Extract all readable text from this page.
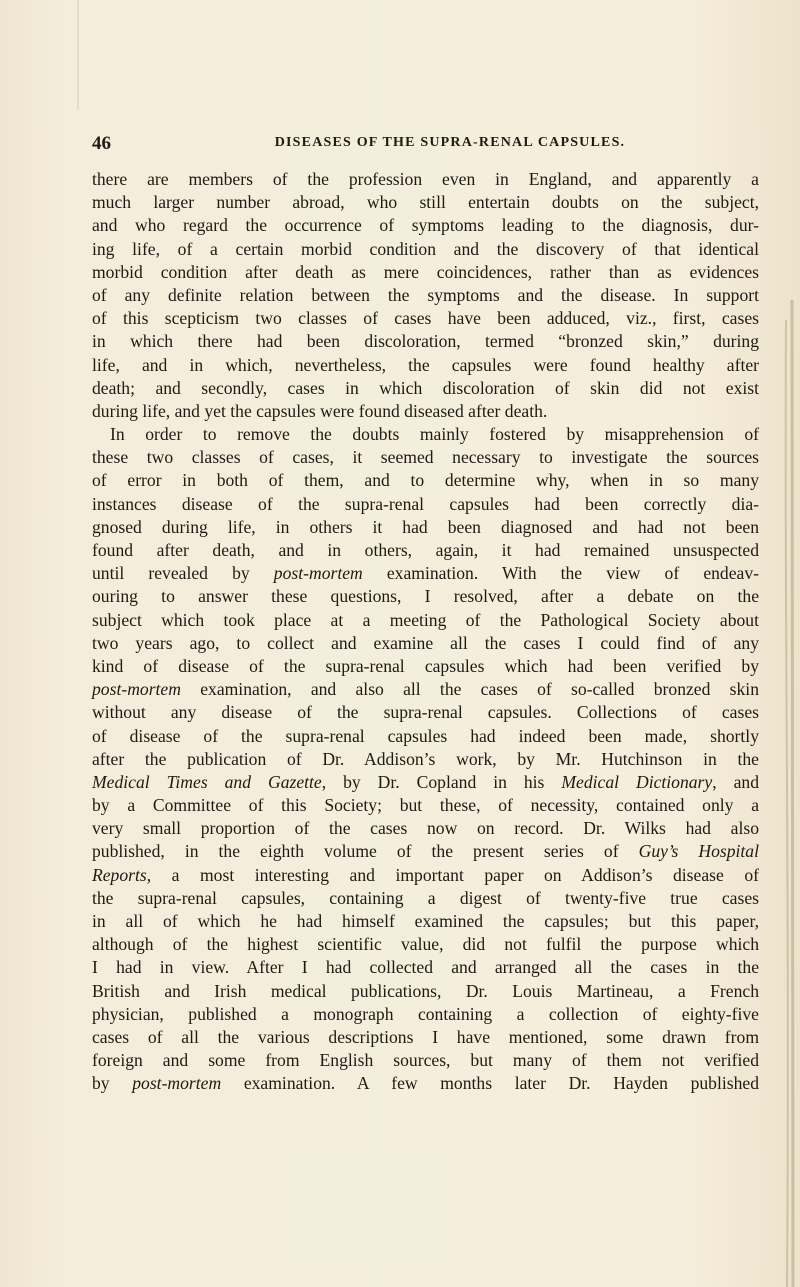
46	DISEASES OF THE SUPRA-RENAL CAPSULES.
there are members of the profession even in England, and apparently a
much larger number abroad, who still entertain doubts on the subject,
and who regard the occurrence of symptoms leading to the diagnosis, dur-
ing life, of a certain morbid condition and the discovery of that identical
morbid condition after death as mere coincidences, rather than as evidences
of any definite relation between the symptoms and the disease. In support
of this scepticism two classes of cases have been adduced, viz., first, cases
in which there had been discoloration, termed “bronzed skin,” during
life, and in which, nevertheless, the capsules were found healthy after
death; and secondly, cases in which discoloration of skin did not exist
during life, and yet the capsules were found diseased after death.
In order to remove the doubts mainly fostered by misapprehension of
these two classes of cases, it seemed necessary to investigate the sources
of error in both of them, and to determine why, when in so many
instances disease of the supra-renal capsules had been correctly dia-
gnosed during life, in others it had been diagnosed and had not been
found after death, and in others, again, it had remained unsuspected
until revealed by post-mortem examination. With the view of endeav-
ouring to answer these questions, I resolved, after a debate on the
subject which took place at a meeting of the Pathological Society about
two years ago, to collect and examine all the cases I could find of any
kind of disease of the supra-renal capsules which had been verified by
post-mortem examination, and also all the cases of so-called bronzed skin
without any disease of the supra-renal capsules. Collections of cases
of disease of the supra-renal capsules had indeed been made, shortly
after the publication of Dr. Addison’s work, by Mr. Hutchinson in the
Medical Times and Gazette, by Dr. Copland in his Medical Dictionary, and
by a Committee of this Society; but these, of necessity, contained only a
very small proportion of the cases now on record. Dr. Wilks had also
published, in the eighth volume of the present series of Guy’s Hospital
Reports, a most interesting and important paper on Addison’s disease of
the supra-renal capsules, containing a digest of twenty-five true cases
in all of which he had himself examined the capsules; but this paper,
although of the highest scientific value, did not fulfil the purpose which
I had in view. After I had collected and arranged all the cases in the
British and Irish medical publications, Dr. Louis Martineau, a French
physician, published a monograph containing a collection of eighty-five
cases of all the various descriptions I have mentioned, some drawn from
foreign and some from English sources, but many of them not verified
by post-mortem examination. A few months later Dr. Hayden published
